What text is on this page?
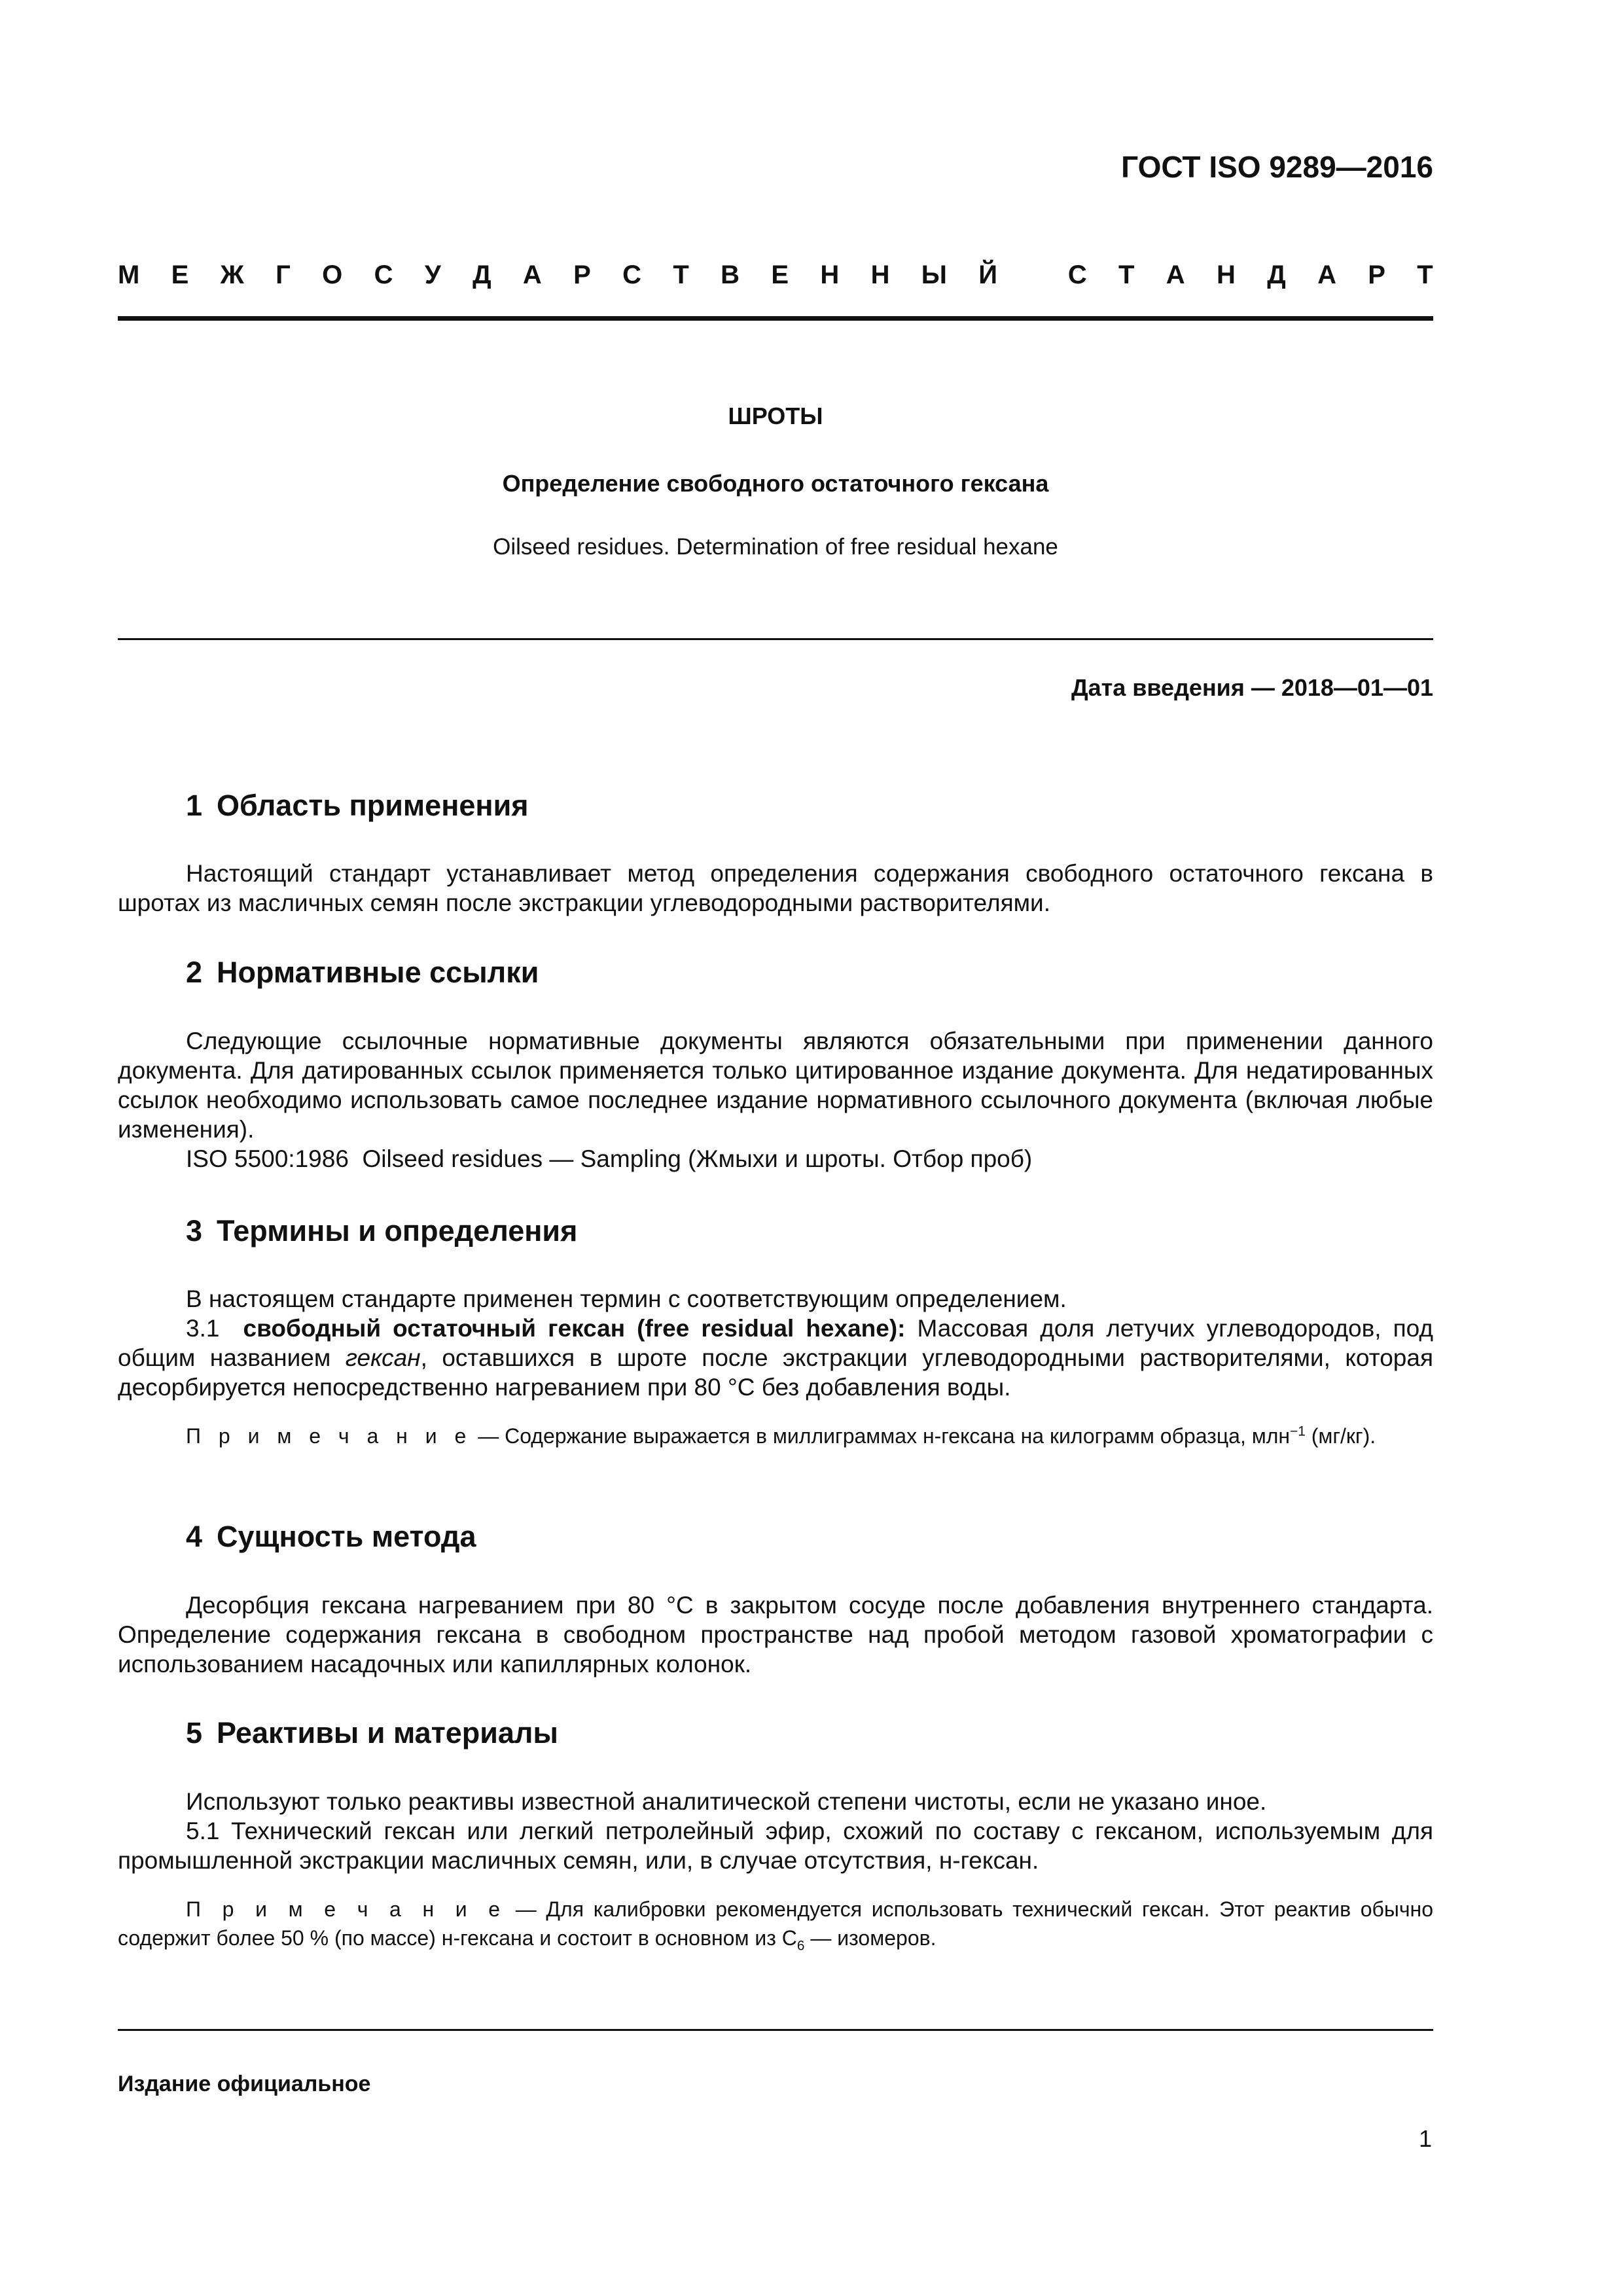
ГОСТ ISO 9289—2016
М Е Ж Г О С У Д А Р С Т В Е Н Н Ы Й
	С Т А Н Д А Р Т
ШРОТЫ
Определение свободного остаточного гексана
Oilseed residues. Determination of free residual hexane
Дата введения — 2018—01—01
1 Область применения
Настоящий стандарт устанавливает метод определения содержания свободного остаточного гексана в шротах из масличных семян после экстракции углеводородными растворителями.
2 Нормативные ссылки
Следующие ссылочные нормативные документы являются обязательными при применении данного документа. Для датированных ссылок применяется только цитированное издание документа. Для недатированных ссылок необходимо использовать самое последнее издание нормативного ссылочного документа (включая любые изменения).
ISO 5500:1986 Oilseed residues — Sampling (Жмыхи и шроты. Отбор проб)
3 Термины и определения
В настоящем стандарте применен термин с соответствующим определением.
3.1 свободный остаточный гексан (free residual hexane): Массовая доля летучих углеводородов, под общим названием гексан, оставшихся в шроте после экстракции углеводородными растворителями, которая десорбируется непосредственно нагреванием при 80 °С без добавления воды.
П р и м е ч а н и е — Содержание выражается в миллиграммах н-гексана на килограмм образца, млн$^{-1}$ (мг/кг).
4 Сущность метода
Десорбция гексана нагреванием при 80 °С в закрытом сосуде после добавления внутреннего стандарта. Определение содержания гексана в свободном пространстве над пробой методом газовой хроматографии с использованием насадочных или капиллярных колонок.
5 Реактивы и материалы
Используют только реактивы известной аналитической степени чистоты, если не указано иное.
5.1 Технический гексан или легкий петролейный эфир, схожий по составу с гексаном, используемым для промышленной экстракции масличных семян, или, в случае отсутствия, н-гексан.
П р и м е ч а н и е — Для калибровки рекомендуется использовать технический гексан. Этот реактив обычно содержит более 50 % (по массе) н-гексана и состоит в основном из $С_6$ — изомеров.
Издание официальное
1
